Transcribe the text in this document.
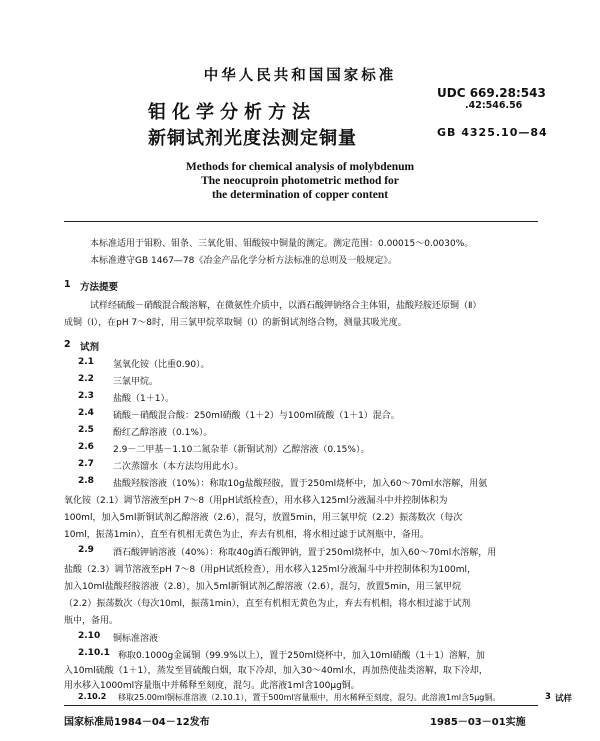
中华人民共和国国家标准
钼化学分析方法
新铜试剂光度法测定铜量
UDC 669.28:543
.42:546.56
GB 4325.10—84
Methods for chemical analysis of molybdenum
The neocuproin photometric method for
the determination of copper content
本标准适用于钼粉、钼条、三氧化钼、钼酸铵中铜量的测定。测定范围：0.00015～0.0030%。
本标准遵守GB 1467—78《冶金产品化学分析方法标准的总则及一般规定》。
1 方法提要
试样经硫酸－硝酸混合酸溶解，在微氨性介质中，以酒石酸钾钠络合主体钼，盐酸羟胺还原铜（Ⅱ）
成铜（Ⅰ），在pH 7～8时，用三氯甲烷萃取铜（Ⅰ）的新铜试剂络合物，测量其吸光度。
2 试剂
2.1 氢氧化铵（比重0.90）。
2.2 三氯甲烷。
2.3 盐酸（1＋1）。
2.4 硫酸－硝酸混合酸：250ml硝酸（1＋2）与100ml硫酸（1＋1）混合。
2.5 酚红乙醇溶液（0.1%）。
2.6 2.9－二甲基－1.10二氮杂菲（新铜试剂）乙醇溶液（0.15%）。
2.7 二次蒸馏水（本方法均用此水）。
2.8 盐酸羟胺溶液（10%）：称取10g盐酸羟胺，置于250ml烧杯中，加入60～70ml水溶解，用氨
氧化铵（2.1）调节溶液至pH 7～8（用pH试纸检查），用水移入125ml分液漏斗中并控制体积为
100ml，加入5ml新铜试剂乙醇溶液（2.6），混匀，放置5min，用三氯甲烷（2.2）振荡数次（每次
10ml，振荡1min），直至有机相无黄色为止，弃去有机相，将水相过滤于试剂瓶中，备用。
2.9 酒石酸钾钠溶液（40%）：称取40g酒石酸钾钠，置于250ml烧杯中，加入60～70ml水溶解，用
盐酸（2.3）调节溶液至pH 7～8（用pH试纸检查），用水移入125ml分液漏斗中并控制体积为100ml，
加入10ml盐酸羟胺溶液（2.8），加入5ml新铜试剂乙醇溶液（2.6），混匀，放置5min，用三氯甲烷
（2.2）振荡数次（每次10ml，振荡1min），直至有机相无黄色为止，弃去有机相，将水相过滤于试剂
瓶中，备用。
2.10 铜标准溶液
2.10.1 称取0.1000g金属铜（99.9%以上），置于250ml烧杯中，加入10ml硝酸（1＋1）溶解，加
入10ml硫酸（1＋1），蒸发至冒硫酸白烟，取下冷却，加入30～40ml水，再加热使盐类溶解，取下冷却，
用水移入1000ml容量瓶中并稀释至刻度，混匀。此溶液1ml含100μg铜。
2.10.2 移取25.00ml铜标准溶液（2.10.1），置于500ml容量瓶中，用水稀释至刻度，混匀。此溶 液1ml含5μg铜。	3 试样
国家标准局1984－04－12发布	1985－03－01实施
